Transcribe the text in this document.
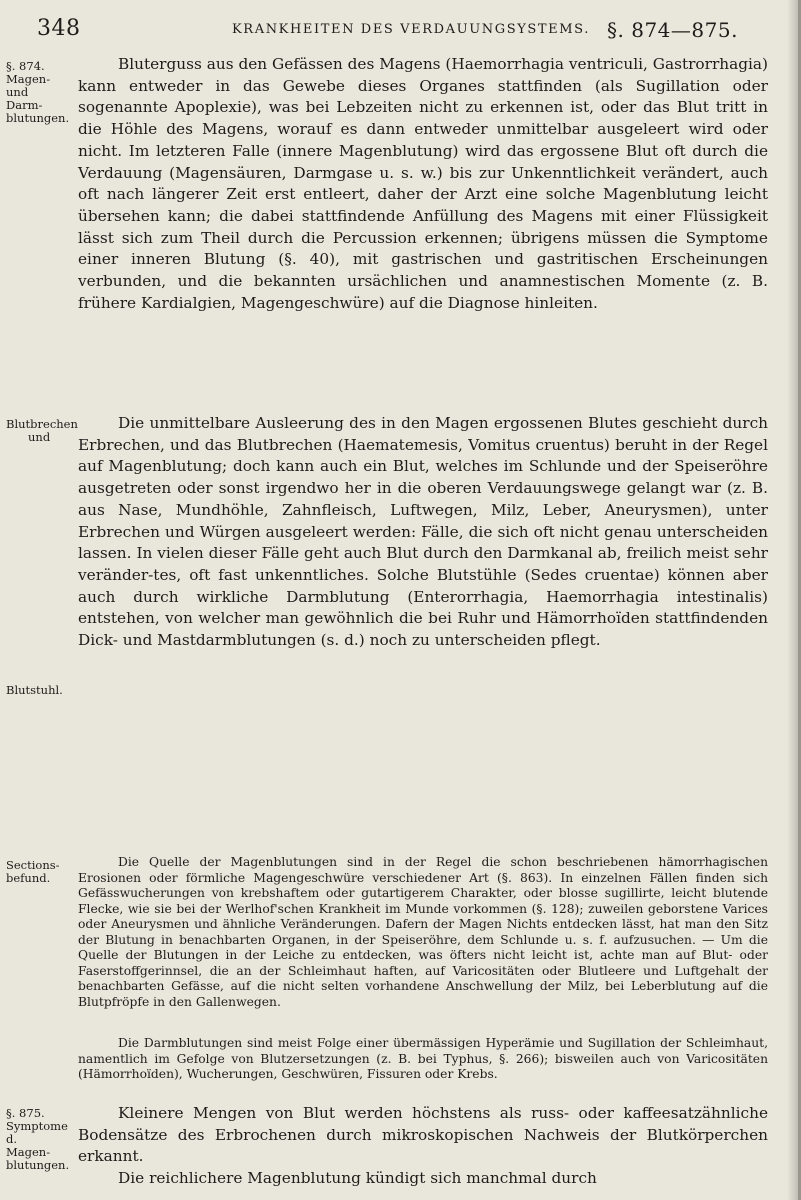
348	KRANKHEITEN DES VERDAUUNGSYSTEMS. §. 874—875.
§. 874.
Magen- und
Darm-
blutungen.
Blutbrechen
und
Blutstuhl.
Sections-
befund.
§. 875.
Symptome d.
Magen-
blutungen.
Bluterguss aus den Gefässen des Magens (Haemorrhagia ventriculi, Gastrorrhagia) kann entweder in das Gewebe dieses Organes stattfinden (als Sugillation oder sogenannte Apoplexie), was bei Lebzeiten nicht zu erkennen ist, oder das Blut tritt in die Höhle des Magens, worauf es dann entweder unmittelbar ausgeleert wird oder nicht. Im letzteren Falle (innere Magenblutung) wird das ergossene Blut oft durch die Verdauung (Magensäuren, Darmgase u. s. w.) bis zur Unkenntlichkeit verändert, auch oft nach längerer Zeit erst entleert, daher der Arzt eine solche Magenblutung leicht übersehen kann; die dabei stattfindende Anfüllung des Magens mit einer Flüssigkeit lässt sich zum Theil durch die Percussion erkennen; übrigens müssen die Symptome einer inneren Blutung (§. 40), mit gastrischen und gastritischen Erscheinungen verbunden, und die bekannten ursächlichen und anamnestischen Momente (z. B. frühere Kardialgien, Magengeschwüre) auf die Diagnose hinleiten.
Die unmittelbare Ausleerung des in den Magen ergossenen Blutes geschieht durch Erbrechen, und das Blutbrechen (Haematemesis, Vomitus cruentus) beruht in der Regel auf Magenblutung; doch kann auch ein Blut, welches im Schlunde und der Speiseröhre ausgetreten oder sonst irgendwo her in die oberen Verdauungswege gelangt war (z. B. aus Nase, Mundhöhle, Zahnfleisch, Luftwegen, Milz, Leber, Aneurysmen), unter Erbrechen und Würgen ausgeleert werden: Fälle, die sich oft nicht genau unterscheiden lassen. In vielen dieser Fälle geht auch Blut durch den Darmkanal ab, freilich meist sehr veränder-tes, oft fast unkenntliches. Solche Blutstühle (Sedes cruentae) können aber auch durch wirkliche Darmblutung (Enterorrhagia, Haemorrhagia intestinalis) entstehen, von welcher man gewöhnlich die bei Ruhr und Hämorrhoïden stattfindenden Dick- und Mastdarmblutungen (s. d.) noch zu unterscheiden pflegt.
Die Quelle der Magenblutungen sind in der Regel die schon beschriebenen hämorrhagischen Erosionen oder förmliche Magengeschwüre verschiedener Art (§. 863). In einzelnen Fällen finden sich Gefässwucherungen von krebshaftem oder gutartigerem Charakter, oder blosse sugillirte, leicht blutende Flecke, wie sie bei der Werlhof'schen Krankheit im Munde vorkommen (§. 128); zuweilen geborstene Varices oder Aneurysmen und ähnliche Veränderungen. Dafern der Magen Nichts entdecken lässt, hat man den Sitz der Blutung in benachbarten Organen, in der Speiseröhre, dem Schlunde u. s. f. aufzusuchen. — Um die Quelle der Blutungen in der Leiche zu entdecken, was öfters nicht leicht ist, achte man auf Blut- oder Faserstoffgerinnsel, die an der Schleimhaut haften, auf Varicositäten oder Blutleere und Luftgehalt der benachbarten Gefässe, auf die nicht selten vorhandene Anschwellung der Milz, bei Leberblutung auf die Blutpfröpfe in den Gallenwegen.
Die Darmblutungen sind meist Folge einer übermässigen Hyperämie und Sugillation der Schleimhaut, namentlich im Gefolge von Blutzersetzungen (z. B. bei Typhus, §. 266); bisweilen auch von Varicositäten (Hämorrhoïden), Wucherungen, Geschwüren, Fissuren oder Krebs.
Kleinere Mengen von Blut werden höchstens als russ- oder kaffeesatzähnliche Bodensätze des Erbrochenen durch mikroskopischen Nachweis der Blutkörperchen erkannt.
Die reichlichere Magenblutung kündigt sich manchmal durch
